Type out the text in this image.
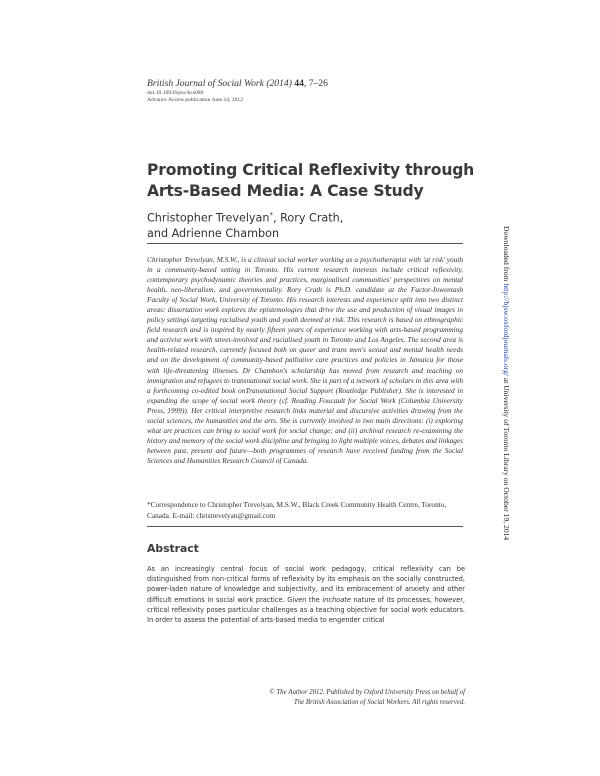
British Journal of Social Work (2014) 44, 7–26
doi:10.1093/bjsw/bcs080
Advance Access publication June 24, 2012
Promoting Critical Reflexivity through Arts-Based Media: A Case Study
Christopher Trevelyan*, Rory Crath,
and Adrienne Chambon

Christopher Trevelyan, M.S.W., is a clinical social worker working as a psychotherapist with 'at risk' youth in a community-based setting in Toronto. His current research interests include critical reflexivity, contemporary psychodynamic theories and practices, marginalised communities' perspectives on mental health, neo-liberalism, and governmentality. Rory Crath is Ph.D. candidate at the Factor-Inwentash Faculty of Social Work, University of Toronto. His research interests and experience split into two distinct areas: dissertation work explores the epistemologies that drive the use and production of visual images in policy settings targeting racialised youth and youth deemed at risk. This research is based on ethnographic field research and is inspired by nearly fifteen years of experience working with arts-based programming and activist work with street-involved and racialised youth in Toronto and Los Angeles. The second area is health-related research, currently focused both on queer and trans men's sexual and mental health needs and on the development of community-based palliative care practices and policies in Jamaica for those with life-threatening illnesses. Dr Chambon's scholarship has moved from research and teaching on immigration and refugees to transnational social work. She is part of a network of scholars in this area with a forthcoming co-edited book onTransnational Social Support (Routledge Publisher). She is interested in expanding the scope of social work theory (cf. Reading Foucault for Social Work (Columbia University Press, 1999)). Her critical interpretive research links material and discursive activities drawing from the social sciences, the humanities and the arts. She is currently involved in two main directions: (i) exploring what art practices can bring to social work for social change; and (ii) archival research re-examining the history and memory of the social work discipline and bringing to light multiple voices, debates and linkages between past, present and future—both programmes of research have received funding from the Social Sciences and Humanities Research Council of Canada.

*Correspondence to Christopher Trevelyan, M.S.W., Black Creek Community Health Centre, Toronto, Canada. E-mail: christrevelyan@gmail.com

Abstract

As an increasingly central focus of social work pedagogy, critical reflexivity can be distinguished from non-critical forms of reflexivity by its emphasis on the socially constructed, power-laden nature of knowledge and subjectivity, and its embracement of anxiety and other difficult emotions in social work practice. Given the inchoate nature of its processes, however, critical reflexivity poses particular challenges as a teaching objective for social work educators. In order to assess the potential of arts-based media to engender critical

© The Author 2012. Published by Oxford University Press on behalf of
The British Association of Social Workers. All rights reserved.
Downloaded from http://bjsw.oxfordjournals.org/ at University of Toronto Library on October 19, 2014
